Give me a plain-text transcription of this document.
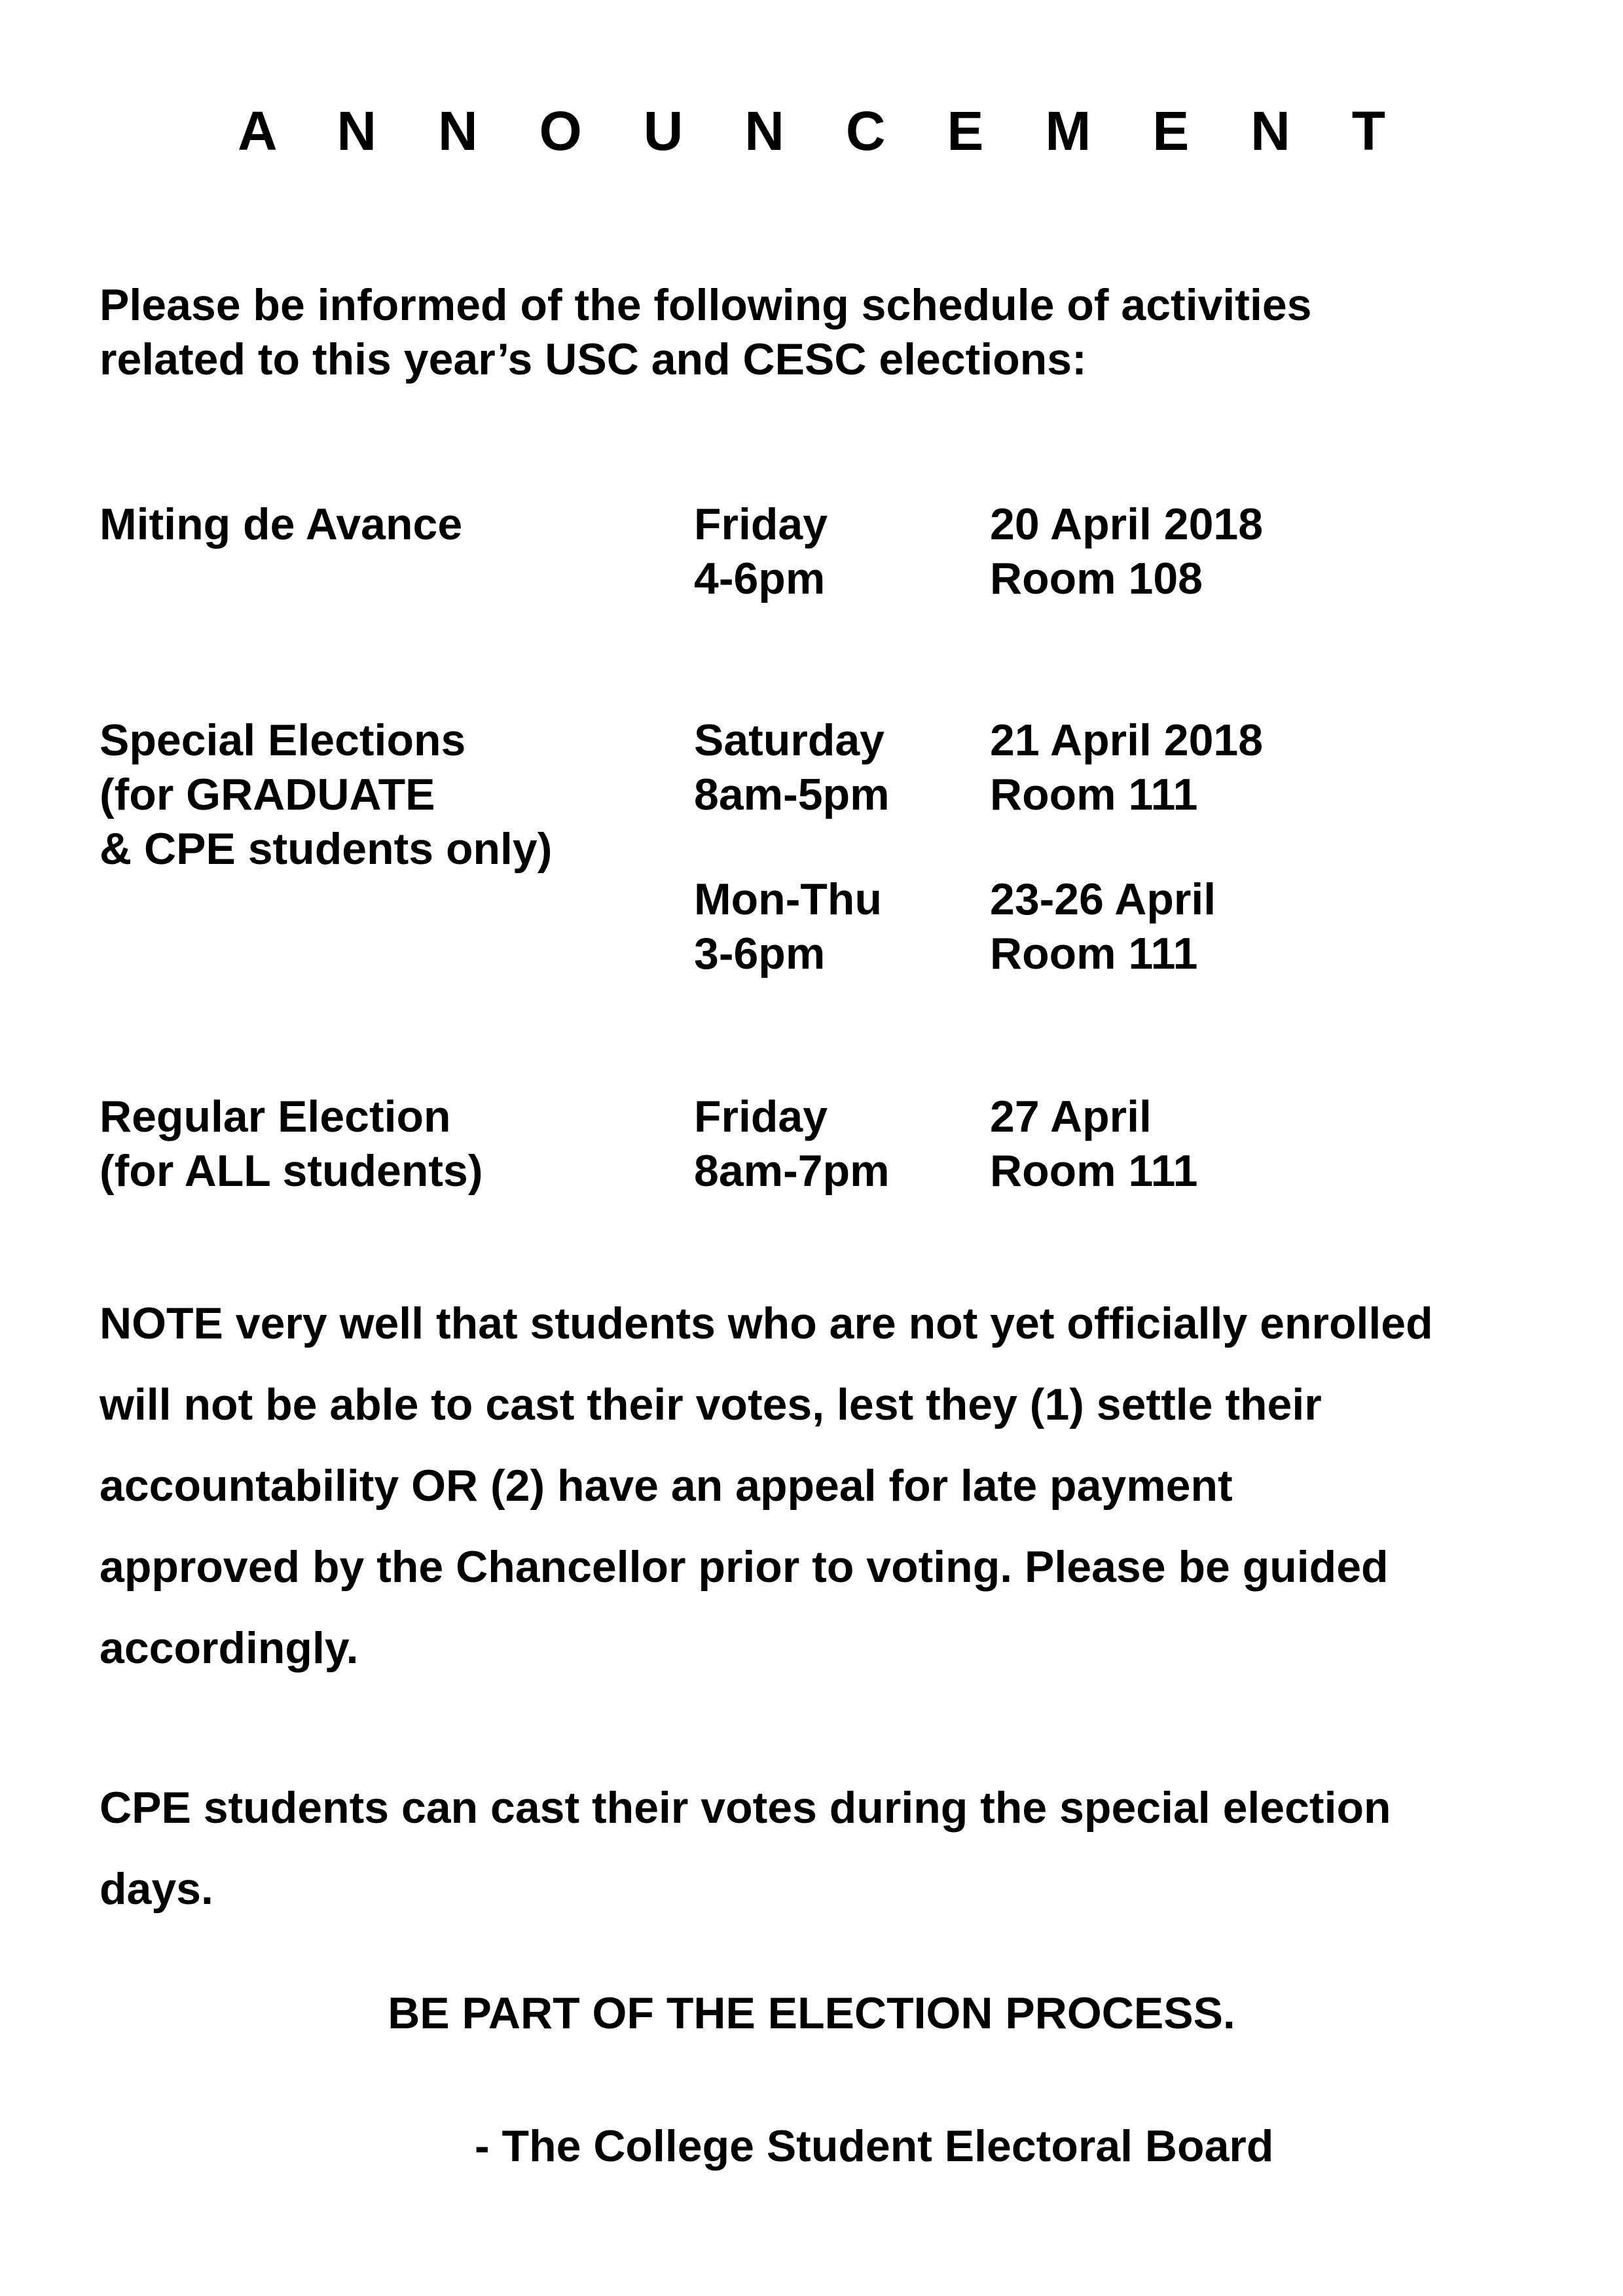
A N N O U N C E M E N T
Please be informed of the following schedule of activities
related to this year’s USC and CESC elections:
Miting de Avance	Friday
4-6pm
20 April 2018
Room 108
Special Elections
(for GRADUATE
& CPE students only)
Saturday
8am-5pm
21 April 2018
Room 111
Mon-Thu
3-6pm
23-26 April
Room 111
Regular Election
(for ALL students)
Friday
8am-7pm
27 April
Room 111
NOTE very well that students who are not yet officially enrolled
will not be able to cast their votes, lest they (1) settle their
accountability OR (2) have an appeal for late payment
approved by the Chancellor prior to voting. Please be guided
accordingly.
CPE students can cast their votes during the special election
days.
BE PART OF THE ELECTION PROCESS.
- The College Student Electoral Board
